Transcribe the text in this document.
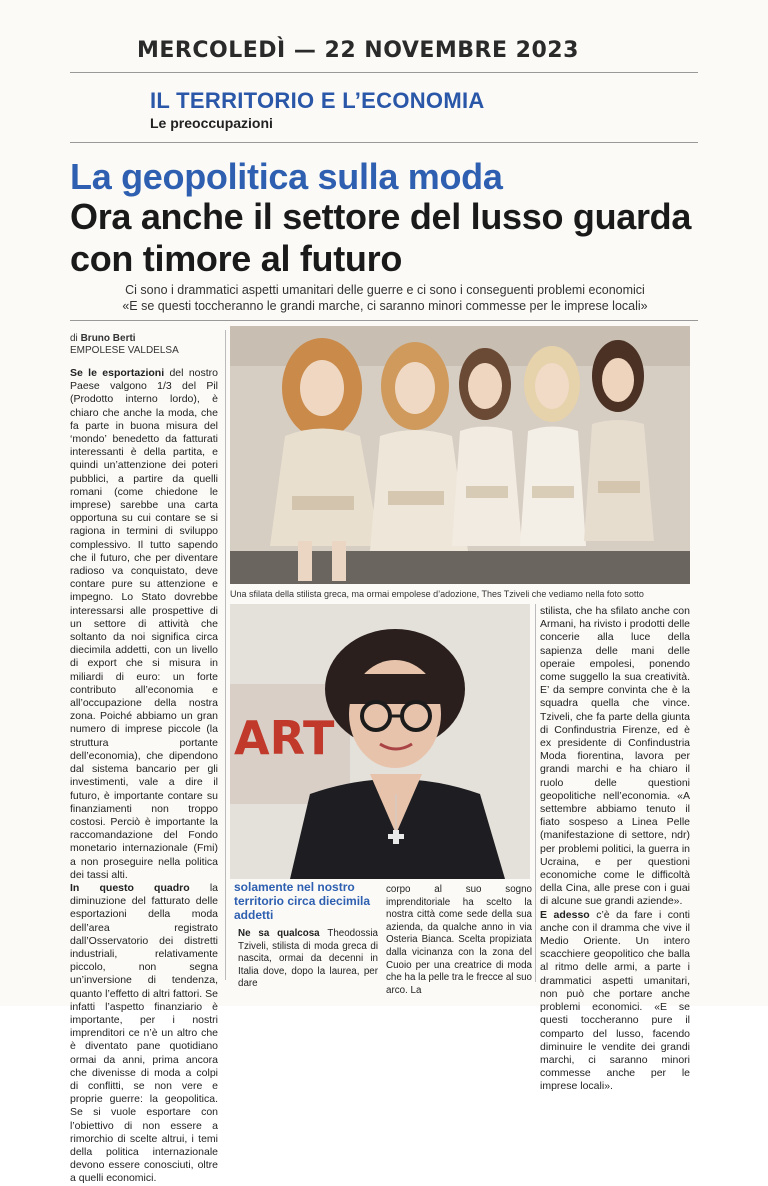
MERCOLEDÌ — 22 NOVEMBRE 2023
IL TERRITORIO E L’ECONOMIA
Le preoccupazioni
La geopolitica sulla moda
Ora anche il settore del lusso guarda con timore al futuro
Ci sono i drammatici aspetti umanitari delle guerre e ci sono i conseguenti problemi economici
«E se questi toccheranno le grandi marche, ci saranno minori commesse per le imprese locali»
di Bruno Berti
EMPOLESE VALDELSA
Se le esportazioni del nostro Paese valgono 1/3 del Pil (Prodotto interno lordo), è chiaro che anche la moda, che fa parte in buona misura del ‘mondo’ benedetto da fatturati interessanti è della partita, e quindi un’attenzione dei poteri pubblici, a partire da quelli romani (come chiedone le imprese) sarebbe una carta opportuna su cui contare se si ragiona in termini di sviluppo complessivo. Il tutto sapendo che il futuro, che per diventare radioso va conquistato, deve contare pure su attenzione e impegno. Lo Stato dovrebbe interessarsi alle prospettive di un settore di attività che soltanto da noi significa circa diecimila addetti, con un livello di export che si misura in miliardi di euro: un forte contributo all’economia e all’occupazione della nostra zona. Poiché abbiamo un gran numero di imprese piccole (la struttura portante dell’economia), che dipendono dal sistema bancario per gli investimenti, vale a dire il futuro, è importante contare su finanziamenti non troppo costosi. Perciò è importante la raccomandazione del Fondo monetario internazionale (Fmi) a non proseguire nella politica dei tassi alti.
In questo quadro la diminuzione del fatturato delle esportazioni della moda dell’area registrato dall’Osservatorio dei distretti industriali, relativamente piccolo, non segna un’inversione di tendenza, quanto l’effetto di altri fattori. Se infatti l’aspetto finanziario è importante, per i nostri imprenditori ce n’è un altro che è diventato pane quotidiano ormai da anni, prima ancora che divenisse di moda a colpi di conflitti, se non vere e proprie guerre: la geopolitica. Se si vuole esportare con l’obiettivo di non essere a rimorchio di scelte altrui, i temi della politica internazionale devono essere conosciuti, oltre a quelli economici.
Una sfilata della stilista greca, ma ormai empolese d’adozione, Thes Tziveli che vediamo nella foto sotto
ART
solamente nel nostro territorio circa diecimila addetti
Ne sa qualcosa Theodossia Tziveli, stilista di moda greca di nascita, ormai da decenni in Italia dove, dopo la laurea, per dare
corpo al suo sogno imprenditoriale ha scelto la nostra città come sede della sua azienda, da qualche anno in via Osteria Bianca. Scelta propiziata dalla vicinanza con la zona del Cuoio per una creatrice di moda che ha la pelle tra le frecce al suo arco. La
stilista, che ha sfilato anche con Armani, ha rivisto i prodotti delle concerie alla luce della sapienza delle mani delle operaie empolesi, ponendo come suggello la sua creatività. E’ da sempre convinta che è la squadra quella che vince. Tziveli, che fa parte della giunta di Confindustria Firenze, ed è ex presidente di Confindustria Moda fiorentina, lavora per grandi marchi e ha chiaro il ruolo delle questioni geopolitiche nell’economia. «A settembre abbiamo tenuto il fiato sospeso a Linea Pelle (manifestazione di settore, ndr) per problemi politici, la guerra in Ucraina, e per questioni economiche come le difficoltà della Cina, alle prese con i guai di alcune sue grandi aziende».
E adesso c’è da fare i conti anche con il dramma che vive il Medio Oriente. Un intero scacchiere geopolitico che balla al ritmo delle armi, a parte i drammatici aspetti umanitari, non può che portare anche problemi economici. «E se questi toccheranno pure il comparto del lusso, facendo diminuire le vendite dei grandi marchi, ci saranno minori commesse anche per le imprese locali».
